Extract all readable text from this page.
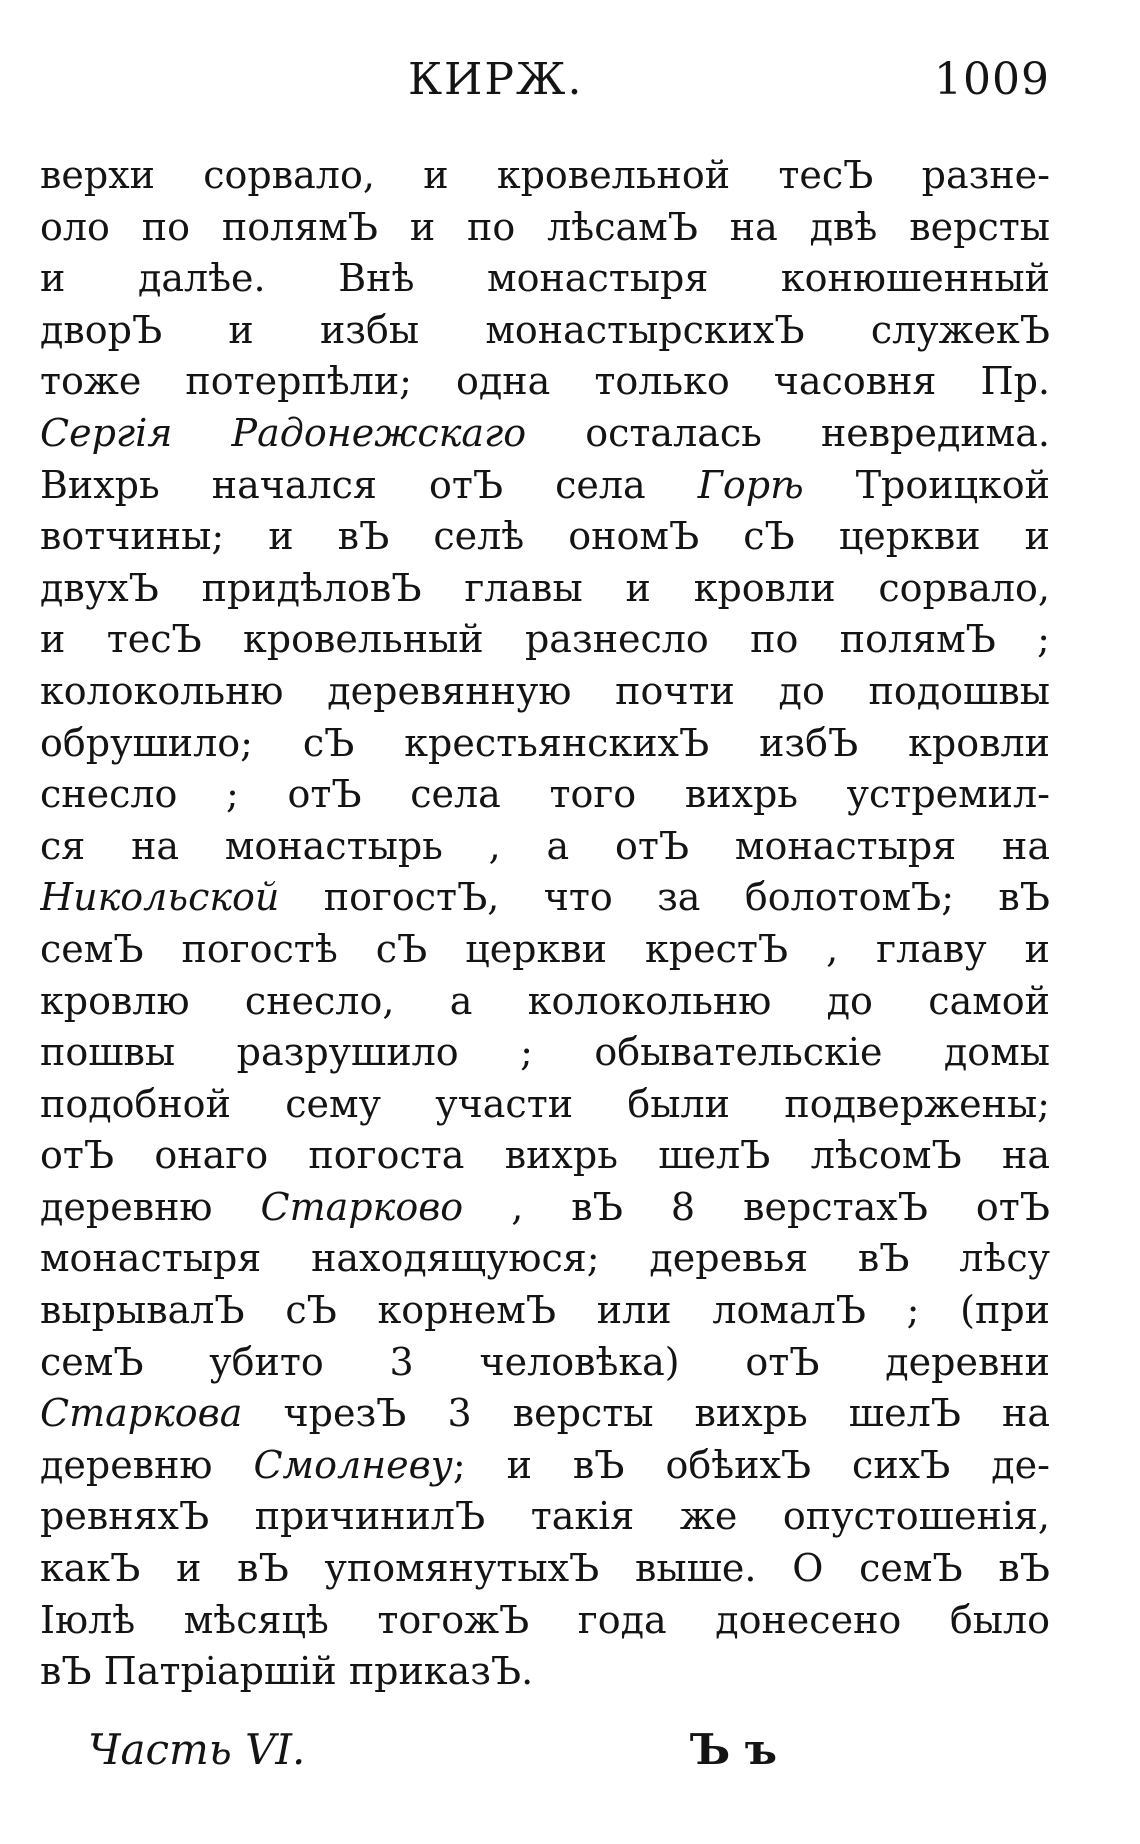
КИРЖ.	1009
верхи сорвало, и кровельной тесЪ разне-
оло по полямЪ и по лѣсамЪ на двѣ версты
и далѣе. Внѣ монастыря конюшенный
дворЪ и избы монастырскихЪ служекЪ
тоже потерпѣли; одна только часовня Пр.
Сергія Радонежскаго осталась невредима.
Вихрь начался отЪ села Горѣ Троицкой
вотчины; и вЪ селѣ ономЪ сЪ церкви и
двухЪ придѣловЪ главы и кровли сорвало,
и тесЪ кровельный разнесло по полямЪ ;
колокольню деревянную почти до подошвы
обрушило; сЪ крестьянскихЪ избЪ кровли
снесло ; отЪ села того вихрь устремил-
ся на монастырь , а отЪ монастыря на
Никольской погостЪ, что за болотомЪ; вЪ
семЪ погостѣ сЪ церкви крестЪ , главу и
кровлю снесло, а колокольню до самой
пошвы разрушило ; обывательскіе домы
подобной сему участи были подвержены;
отЪ онаго погоста вихрь шелЪ лѣсомЪ на
деревню Старково , вЪ 8 верстахЪ отЪ
монастыря находящуюся; деревья вЪ лѣсу
вырывалЪ сЪ корнемЪ или ломалЪ ; (при
семЪ убито 3 человѣка) отЪ деревни
Старкова чрезЪ 3 версты вихрь шелЪ на
деревню Смолневу; и вЪ обѣихЪ сихЪ де-
ревняхЪ причинилЪ такія же опустошенія,
какЪ и вЪ упомянутыхЪ выше. О семЪ вЪ
Іюлѣ мѣсяцѣ тогожЪ года донесено было
вЪ Патріаршій приказЪ.
Часть VI.	Ъ ъ
